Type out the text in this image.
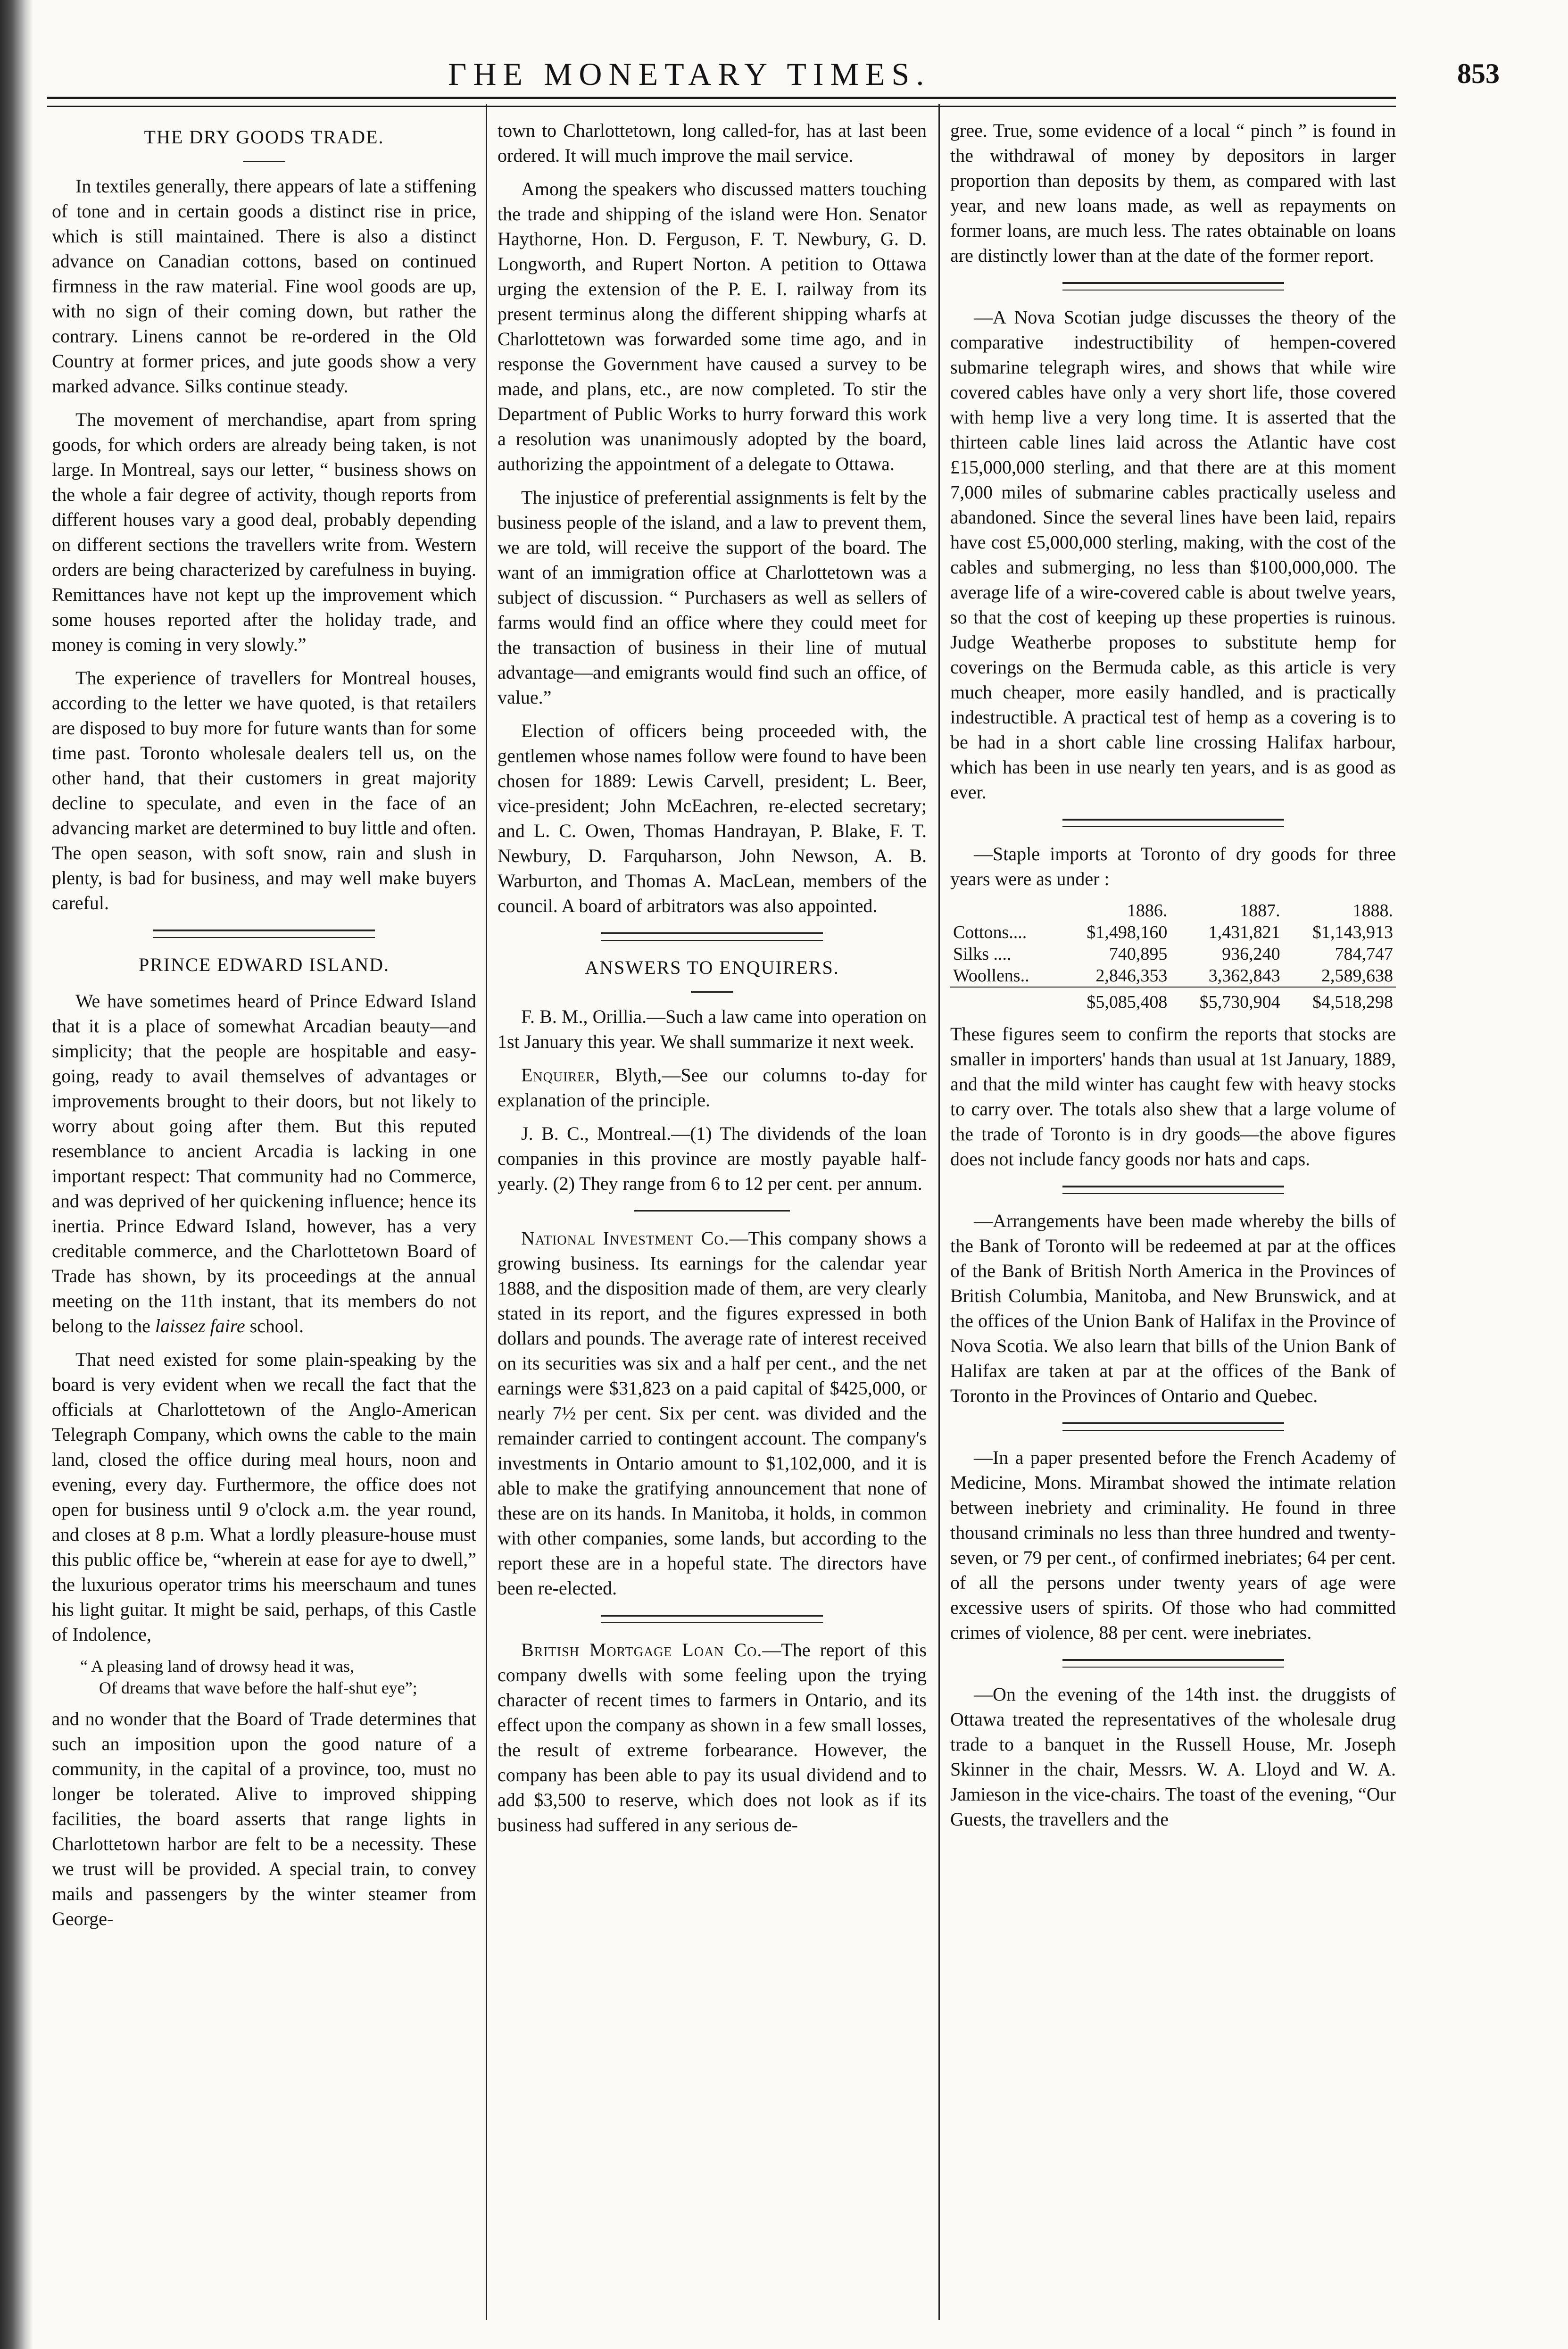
ΓHE MONETARY TIMES.	853
THE DRY GOODS TRADE.

In textiles generally, there appears of late a stiffening of tone and in certain goods a distinct rise in price, which is still maintained. There is also a distinct advance on Canadian cottons, based on continued firmness in the raw material. Fine wool goods are up, with no sign of their coming down, but rather the contrary. Linens cannot be re-ordered in the Old Country at former prices, and jute goods show a very marked advance. Silks continue steady.

The movement of merchandise, apart from spring goods, for which orders are already being taken, is not large. In Montreal, says our letter, “ business shows on the whole a fair degree of activity, though reports from different houses vary a good deal, probably depending on different sections the travellers write from. Western orders are being characterized by carefulness in buying. Remittances have not kept up the improvement which some houses reported after the holiday trade, and money is coming in very slowly.”

The experience of travellers for Montreal houses, according to the letter we have quoted, is that retailers are disposed to buy more for future wants than for some time past. Toronto wholesale dealers tell us, on the other hand, that their customers in great majority decline to speculate, and even in the face of an advancing market are determined to buy little and often. The open season, with soft snow, rain and slush in plenty, is bad for business, and may well make buyers careful.

PRINCE EDWARD ISLAND.

We have sometimes heard of Prince Edward Island that it is a place of somewhat Arcadian beauty—and simplicity; that the people are hospitable and easy-going, ready to avail themselves of advantages or improvements brought to their doors, but not likely to worry about going after them. But this reputed resemblance to ancient Arcadia is lacking in one important respect: That community had no Commerce, and was deprived of her quickening influence; hence its inertia. Prince Edward Island, however, has a very creditable commerce, and the Charlottetown Board of Trade has shown, by its proceedings at the annual meeting on the 11th instant, that its members do not belong to the laissez faire school.

That need existed for some plain-speaking by the board is very evident when we recall the fact that the officials at Charlottetown of the Anglo-American Telegraph Company, which owns the cable to the main land, closed the office during meal hours, noon and evening, every day. Furthermore, the office does not open for business until 9 o'clock a.m. the year round, and closes at 8 p.m. What a lordly pleasure-house must this public office be, “wherein at ease for aye to dwell,” the luxurious operator trims his meerschaum and tunes his light guitar. It might be said, perhaps, of this Castle of Indolence,

“ A pleasing land of drowsy head it was,
Of dreams that wave before the half-shut eye”;

and no wonder that the Board of Trade determines that such an imposition upon the good nature of a community, in the capital of a province, too, must no longer be tolerated. Alive to improved shipping facilities, the board asserts that range lights in Charlottetown harbor are felt to be a necessity. These we trust will be provided. A special train, to convey mails and passengers by the winter steamer from George-

town to Charlottetown, long called-for, has at last been ordered. It will much improve the mail service.

Among the speakers who discussed matters touching the trade and shipping of the island were Hon. Senator Haythorne, Hon. D. Ferguson, F. T. Newbury, G. D. Longworth, and Rupert Norton. A petition to Ottawa urging the extension of the P. E. I. railway from its present terminus along the different shipping wharfs at Charlottetown was forwarded some time ago, and in response the Government have caused a survey to be made, and plans, etc., are now completed. To stir the Department of Public Works to hurry forward this work a resolution was unanimously adopted by the board, authorizing the appointment of a delegate to Ottawa.

The injustice of preferential assignments is felt by the business people of the island, and a law to prevent them, we are told, will receive the support of the board. The want of an immigration office at Charlottetown was a subject of discussion. “ Purchasers as well as sellers of farms would find an office where they could meet for the transaction of business in their line of mutual advantage—and emigrants would find such an office, of value.”

Election of officers being proceeded with, the gentlemen whose names follow were found to have been chosen for 1889: Lewis Carvell, president; L. Beer, vice-president; John McEachren, re-elected secretary; and L. C. Owen, Thomas Handrayan, P. Blake, F. T. Newbury, D. Farquharson, John Newson, A. B. Warburton, and Thomas A. MacLean, members of the council. A board of arbitrators was also appointed.

ANSWERS TO ENQUIRERS.

F. B. M., Orillia.—Such a law came into operation on 1st January this year. We shall summarize it next week.

Enquirer, Blyth,—See our columns to-day for explanation of the principle.

J. B. C., Montreal.—(1) The dividends of the loan companies in this province are mostly payable half-yearly. (2) They range from 6 to 12 per cent. per annum.

National Investment Co.—This company shows a growing business. Its earnings for the calendar year 1888, and the disposition made of them, are very clearly stated in its report, and the figures expressed in both dollars and pounds. The average rate of interest received on its securities was six and a half per cent., and the net earnings were $31,823 on a paid capital of $425,000, or nearly 7½ per cent. Six per cent. was divided and the remainder carried to contingent account. The company's investments in Ontario amount to $1,102,000, and it is able to make the gratifying announcement that none of these are on its hands. In Manitoba, it holds, in common with other companies, some lands, but according to the report these are in a hopeful state. The directors have been re-elected.

British Mortgage Loan Co.—The report of this company dwells with some feeling upon the trying character of recent times to farmers in Ontario, and its effect upon the company as shown in a few small losses, the result of extreme forbearance. However, the company has been able to pay its usual dividend and to add $3,500 to reserve, which does not look as if its business had suffered in any serious de-

gree. True, some evidence of a local “ pinch ” is found in the withdrawal of money by depositors in larger proportion than deposits by them, as compared with last year, and new loans made, as well as repayments on former loans, are much less. The rates obtainable on loans are distinctly lower than at the date of the former report.

—A Nova Scotian judge discusses the theory of the comparative indestructibility of hempen-covered submarine telegraph wires, and shows that while wire covered cables have only a very short life, those covered with hemp live a very long time. It is asserted that the thirteen cable lines laid across the Atlantic have cost £15,000,000 sterling, and that there are at this moment 7,000 miles of submarine cables practically useless and abandoned. Since the several lines have been laid, repairs have cost £5,000,000 sterling, making, with the cost of the cables and submerging, no less than $100,000,000. The average life of a wire-covered cable is about twelve years, so that the cost of keeping up these properties is ruinous. Judge Weatherbe proposes to substitute hemp for coverings on the Bermuda cable, as this article is very much cheaper, more easily handled, and is practically indestructible. A practical test of hemp as a covering is to be had in a short cable line crossing Halifax harbour, which has been in use nearly ten years, and is as good as ever.

—Staple imports at Toronto of dry goods for three years were as under :

	1886.	1887.	1888.
Cottons....	$1,498,160	1,431,821	$1,143,913
Silks ....	740,895	936,240	784,747
Woollens..	2,846,353	3,362,843	2,589,638
	$5,085,408	$5,730,904	$4,518,298

These figures seem to confirm the reports that stocks are smaller in importers' hands than usual at 1st January, 1889, and that the mild winter has caught few with heavy stocks to carry over. The totals also shew that a large volume of the trade of Toronto is in dry goods—the above figures does not include fancy goods nor hats and caps.

—Arrangements have been made whereby the bills of the Bank of Toronto will be redeemed at par at the offices of the Bank of British North America in the Provinces of British Columbia, Manitoba, and New Brunswick, and at the offices of the Union Bank of Halifax in the Province of Nova Scotia. We also learn that bills of the Union Bank of Halifax are taken at par at the offices of the Bank of Toronto in the Provinces of Ontario and Quebec.

—In a paper presented before the French Academy of Medicine, Mons. Mirambat showed the intimate relation between inebriety and criminality. He found in three thousand criminals no less than three hundred and twenty-seven, or 79 per cent., of confirmed inebriates; 64 per cent. of all the persons under twenty years of age were excessive users of spirits. Of those who had committed crimes of violence, 88 per cent. were inebriates.

—On the evening of the 14th inst. the druggists of Ottawa treated the representatives of the wholesale drug trade to a banquet in the Russell House, Mr. Joseph Skinner in the chair, Messrs. W. A. Lloyd and W. A. Jamieson in the vice-chairs. The toast of the evening, “Our Guests, the travellers and the
